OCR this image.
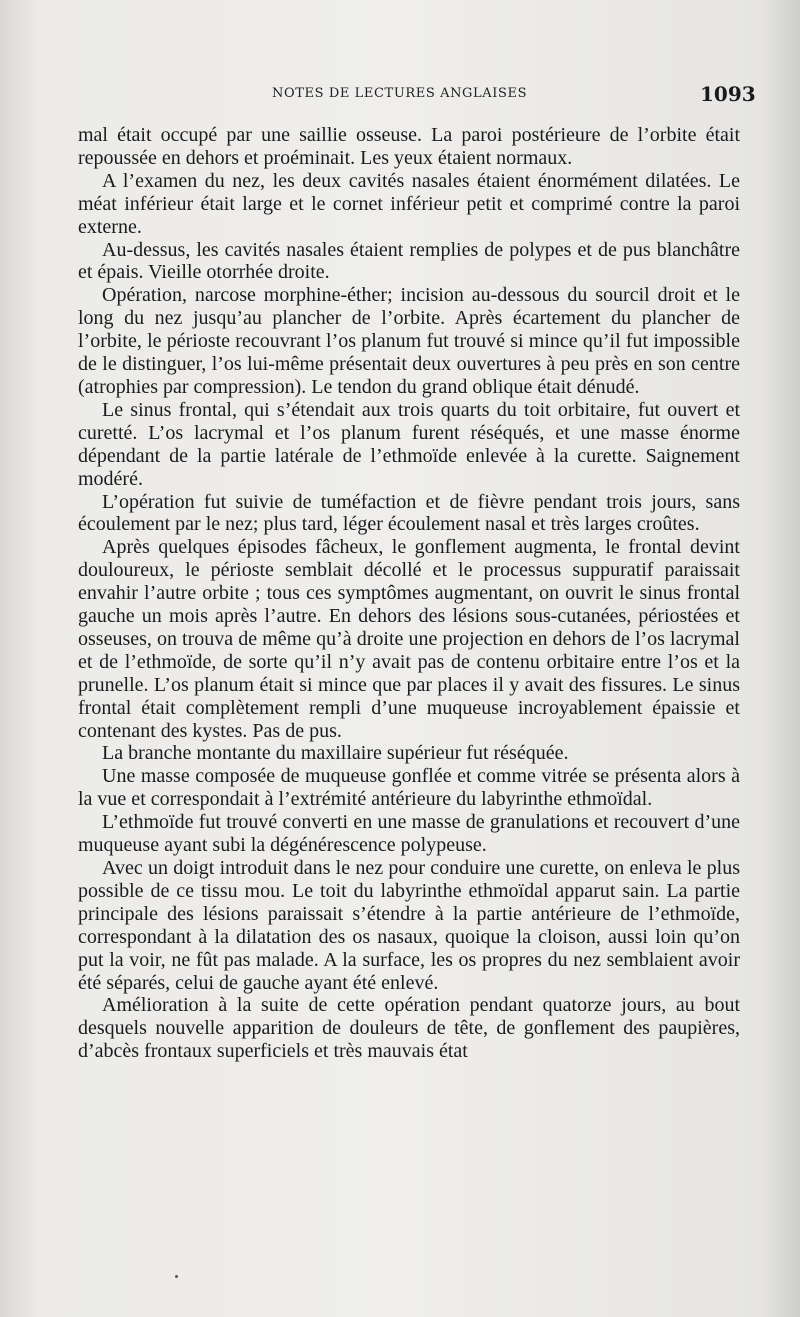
NOTES DE LECTURES ANGLAISES	1093

mal était occupé par une saillie osseuse. La paroi postérieure de l’orbite était repoussée en dehors et proéminait. Les yeux étaient normaux.

A l’examen du nez, les deux cavités nasales étaient énormément dilatées. Le méat inférieur était large et le cornet inférieur petit et comprimé contre la paroi externe.

Au-dessus, les cavités nasales étaient remplies de polypes et de pus blanchâtre et épais. Vieille otorrhée droite.

Opération, narcose morphine-éther; incision au-dessous du sourcil droit et le long du nez jusqu’au plancher de l’orbite. Après écartement du plancher de l’orbite, le périoste recouvrant l’os planum fut trouvé si mince qu’il fut impossible de le distinguer, l’os lui-même présentait deux ouvertures à peu près en son centre (atrophies par compression). Le tendon du grand oblique était dénudé.

Le sinus frontal, qui s’étendait aux trois quarts du toit orbitaire, fut ouvert et curetté. L’os lacrymal et l’os planum furent réséqués, et une masse énorme dépendant de la partie latérale de l’ethmoïde enlevée à la curette. Saignement modéré.

L’opération fut suivie de tuméfaction et de fièvre pendant trois jours, sans écoulement par le nez; plus tard, léger écoulement nasal et très larges croûtes.

Après quelques épisodes fâcheux, le gonflement augmenta, le frontal devint douloureux, le périoste semblait décollé et le processus suppuratif paraissait envahir l’autre orbite ; tous ces symptômes augmentant, on ouvrit le sinus frontal gauche un mois après l’autre. En dehors des lésions sous-cutanées, périostées et osseuses, on trouva de même qu’à droite une projection en dehors de l’os lacrymal et de l’ethmoïde, de sorte qu’il n’y avait pas de contenu orbitaire entre l’os et la prunelle. L’os planum était si mince que par places il y avait des fissures. Le sinus frontal était complètement rempli d’une muqueuse incroyablement épaissie et contenant des kystes. Pas de pus.

La branche montante du maxillaire supérieur fut réséquée.

Une masse composée de muqueuse gonflée et comme vitrée se présenta alors à la vue et correspondait à l’extrémité antérieure du labyrinthe ethmoïdal.

L’ethmoïde fut trouvé converti en une masse de granulations et recouvert d’une muqueuse ayant subi la dégénérescence polypeuse.

Avec un doigt introduit dans le nez pour conduire une curette, on enleva le plus possible de ce tissu mou. Le toit du labyrinthe ethmoïdal apparut sain. La partie principale des lésions paraissait s’étendre à la partie antérieure de l’ethmoïde, correspondant à la dilatation des os nasaux, quoique la cloison, aussi loin qu’on put la voir, ne fût pas malade. A la surface, les os propres du nez semblaient avoir été séparés, celui de gauche ayant été enlevé.

Amélioration à la suite de cette opération pendant quatorze jours, au bout desquels nouvelle apparition de douleurs de tête, de gonflement des paupières, d’abcès frontaux superficiels et très mauvais état
